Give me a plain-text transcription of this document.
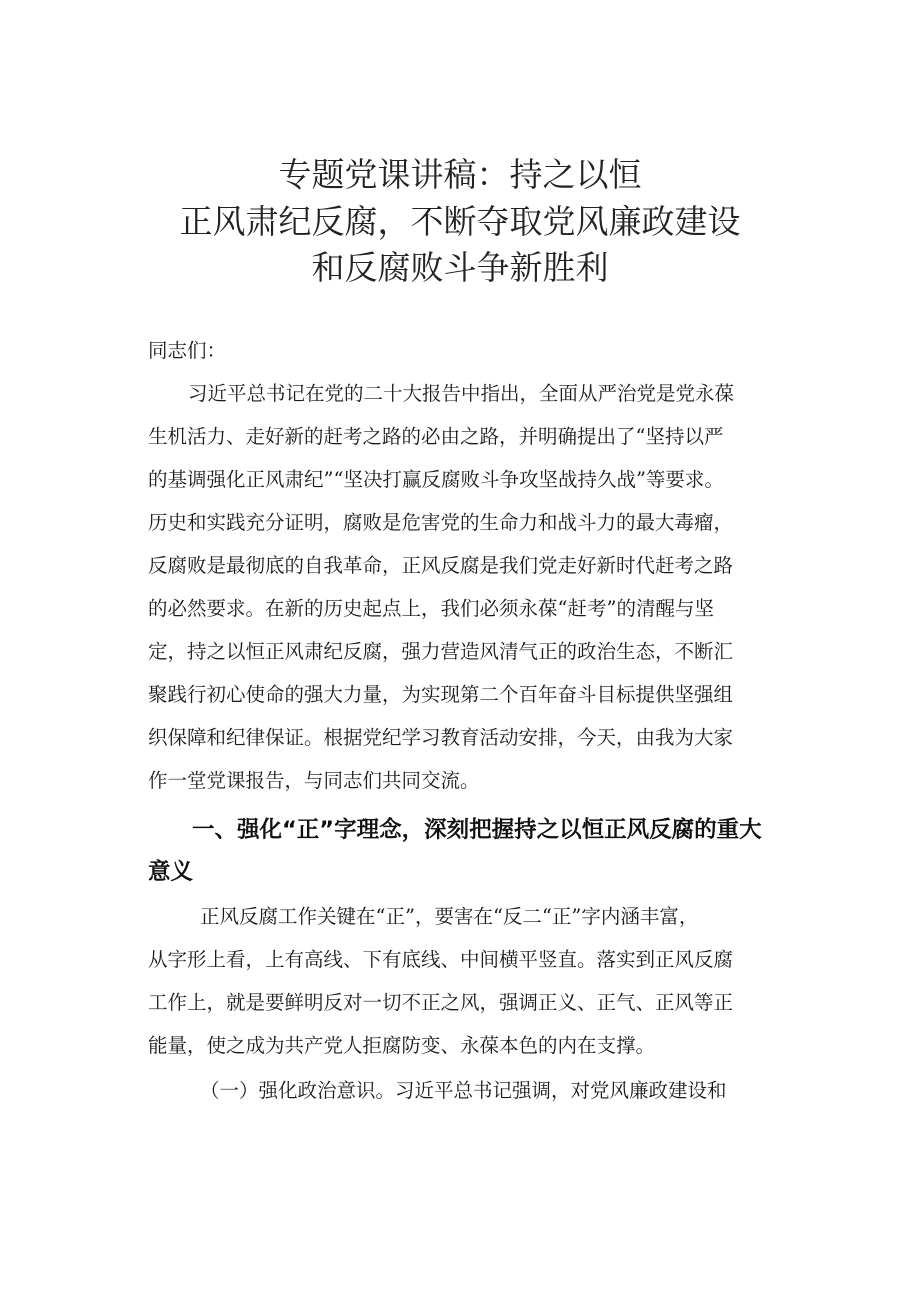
专题党课讲稿：持之以恒
正风肃纪反腐，不断夺取党风廉政建设
和反腐败斗争新胜利
同志们：
习近平总书记在党的二十大报告中指出，全面从严治党是党永葆
生机活力、走好新的赶考之路的必由之路，并明确提出了“坚持以严
的基调强化正风肃纪”“坚决打赢反腐败斗争攻坚战持久战”等要求。
历史和实践充分证明，腐败是危害党的生命力和战斗力的最大毒瘤，
反腐败是最彻底的自我革命，正风反腐是我们党走好新时代赶考之路
的必然要求。在新的历史起点上，我们必须永葆“赶考”的清醒与坚
定，持之以恒正风肃纪反腐，强力营造风清气正的政治生态，不断汇
聚践行初心使命的强大力量，为实现第二个百年奋斗目标提供坚强组
织保障和纪律保证。根据党纪学习教育活动安排，今天，由我为大家
作一堂党课报告，与同志们共同交流。
一、强化“正”字理念，深刻把握持之以恒正风反腐的重大
意义
正风反腐工作关键在“正”，要害在“反二“正”字内涵丰富，
从字形上看，上有高线、下有底线、中间横平竖直。落实到正风反腐
工作上，就是要鲜明反对一切不正之风，强调正义、正气、正风等正
能量，使之成为共产党人拒腐防变、永葆本色的内在支撑。
（一）强化政治意识。习近平总书记强调，对党风廉政建设和
